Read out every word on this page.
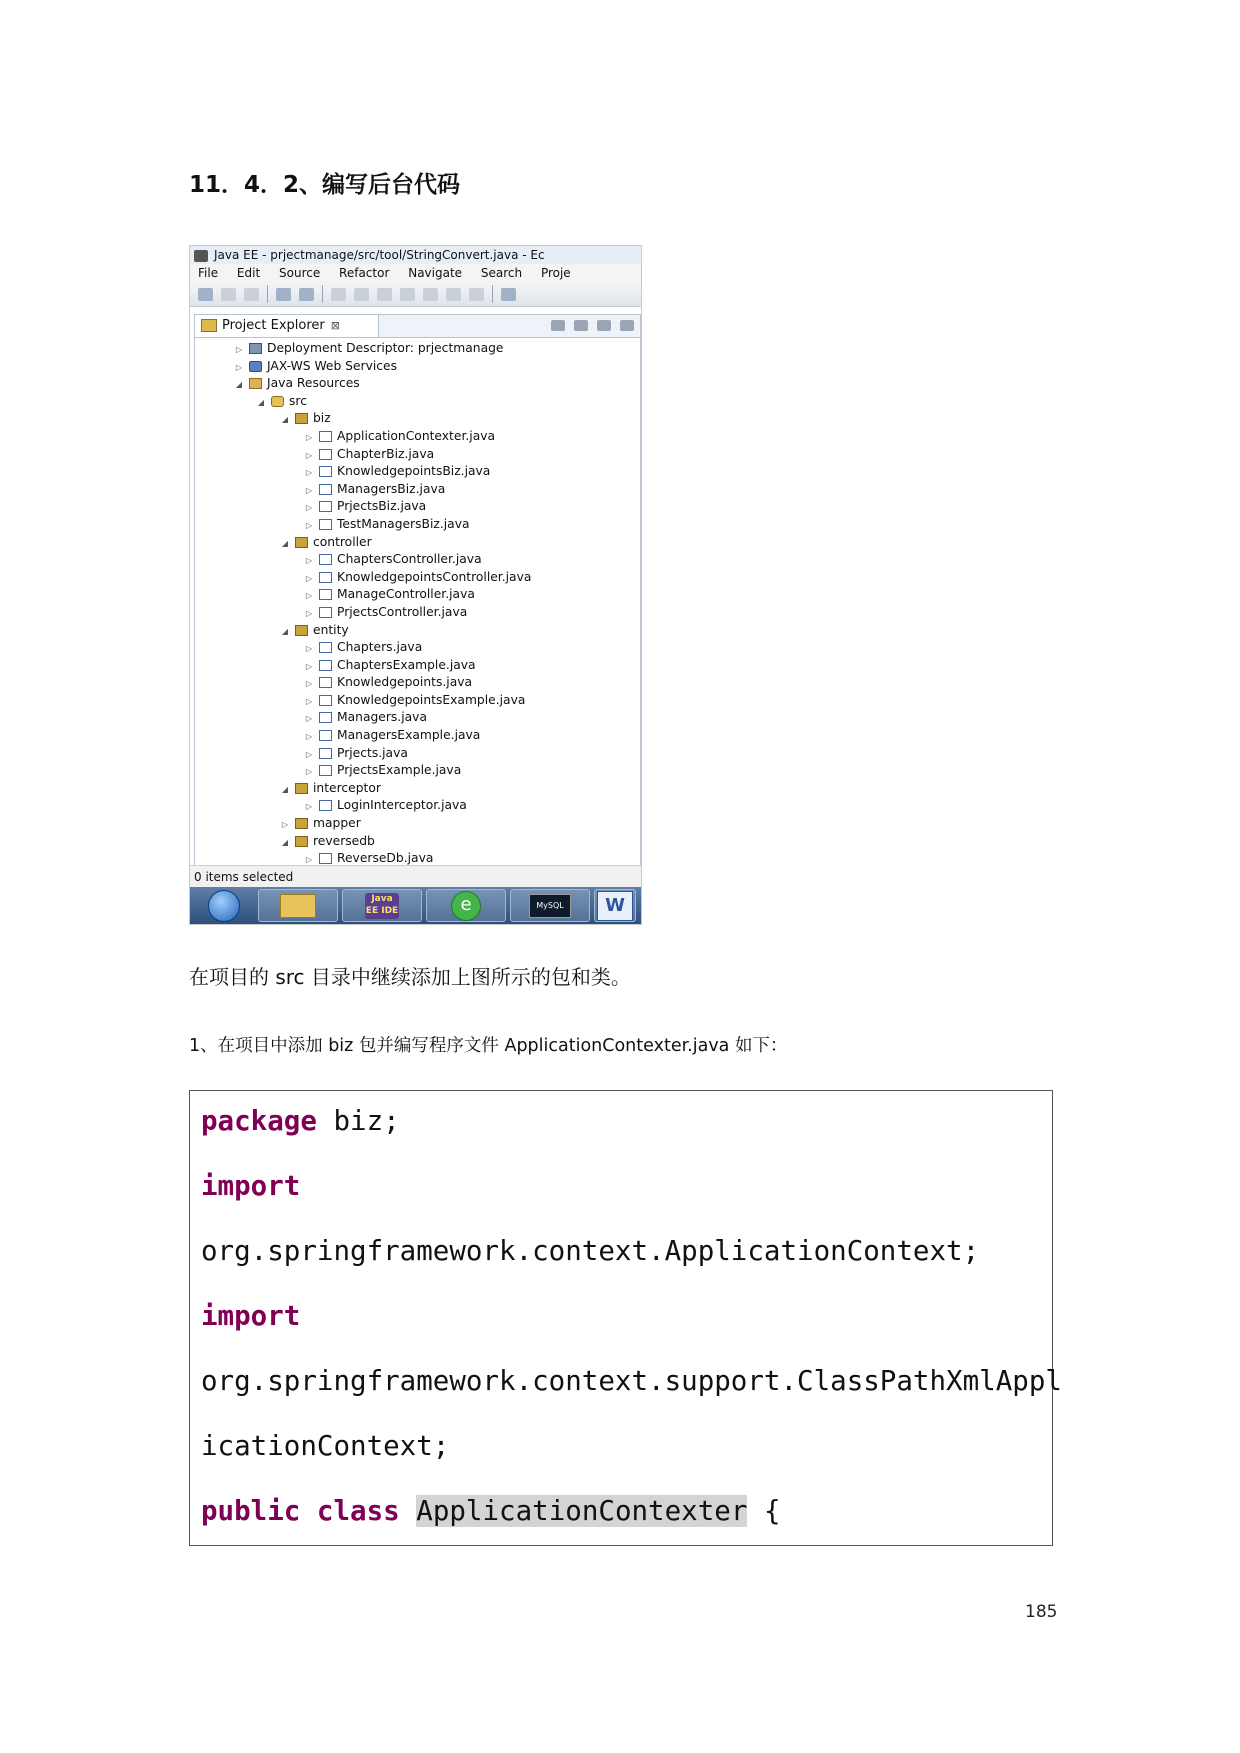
11．4．2、编写后台代码
Java EE - prjectmanage/src/tool/StringConvert.java - Ec
File Edit Source Refactor Navigate Search Proje
Project Explorer ⊠
▷ Deployment Descriptor: prjectmanage
▷ JAX-WS Web Services
◢ Java Resources
◢ src
◢ biz
▷ ApplicationContexter.java
▷ ChapterBiz.java
▷ KnowledgepointsBiz.java
▷ ManagersBiz.java
▷ PrjectsBiz.java
▷ TestManagersBiz.java
◢ controller
▷ ChaptersController.java
▷ KnowledgepointsController.java
▷ ManageController.java
▷ PrjectsController.java
◢ entity
▷ Chapters.java
▷ ChaptersExample.java
▷ Knowledgepoints.java
▷ KnowledgepointsExample.java
▷ Managers.java
▷ ManagersExample.java
▷ Prjects.java
▷ PrjectsExample.java
◢ interceptor
▷ LoginInterceptor.java
▷ mapper
◢ reversedb
▷ ReverseDb.java
0 items selected
Java EE IDE	e	MySQL	W
在项目的 src 目录中继续添加上图所示的包和类。
1、在项目中添加 biz 包并编写程序文件 ApplicationContexter.java 如下：
package biz;
import
org.springframework.context.ApplicationContext;
import
org.springframework.context.support.ClassPathXmlAppl
icationContext;
public class ApplicationContexter {
185
